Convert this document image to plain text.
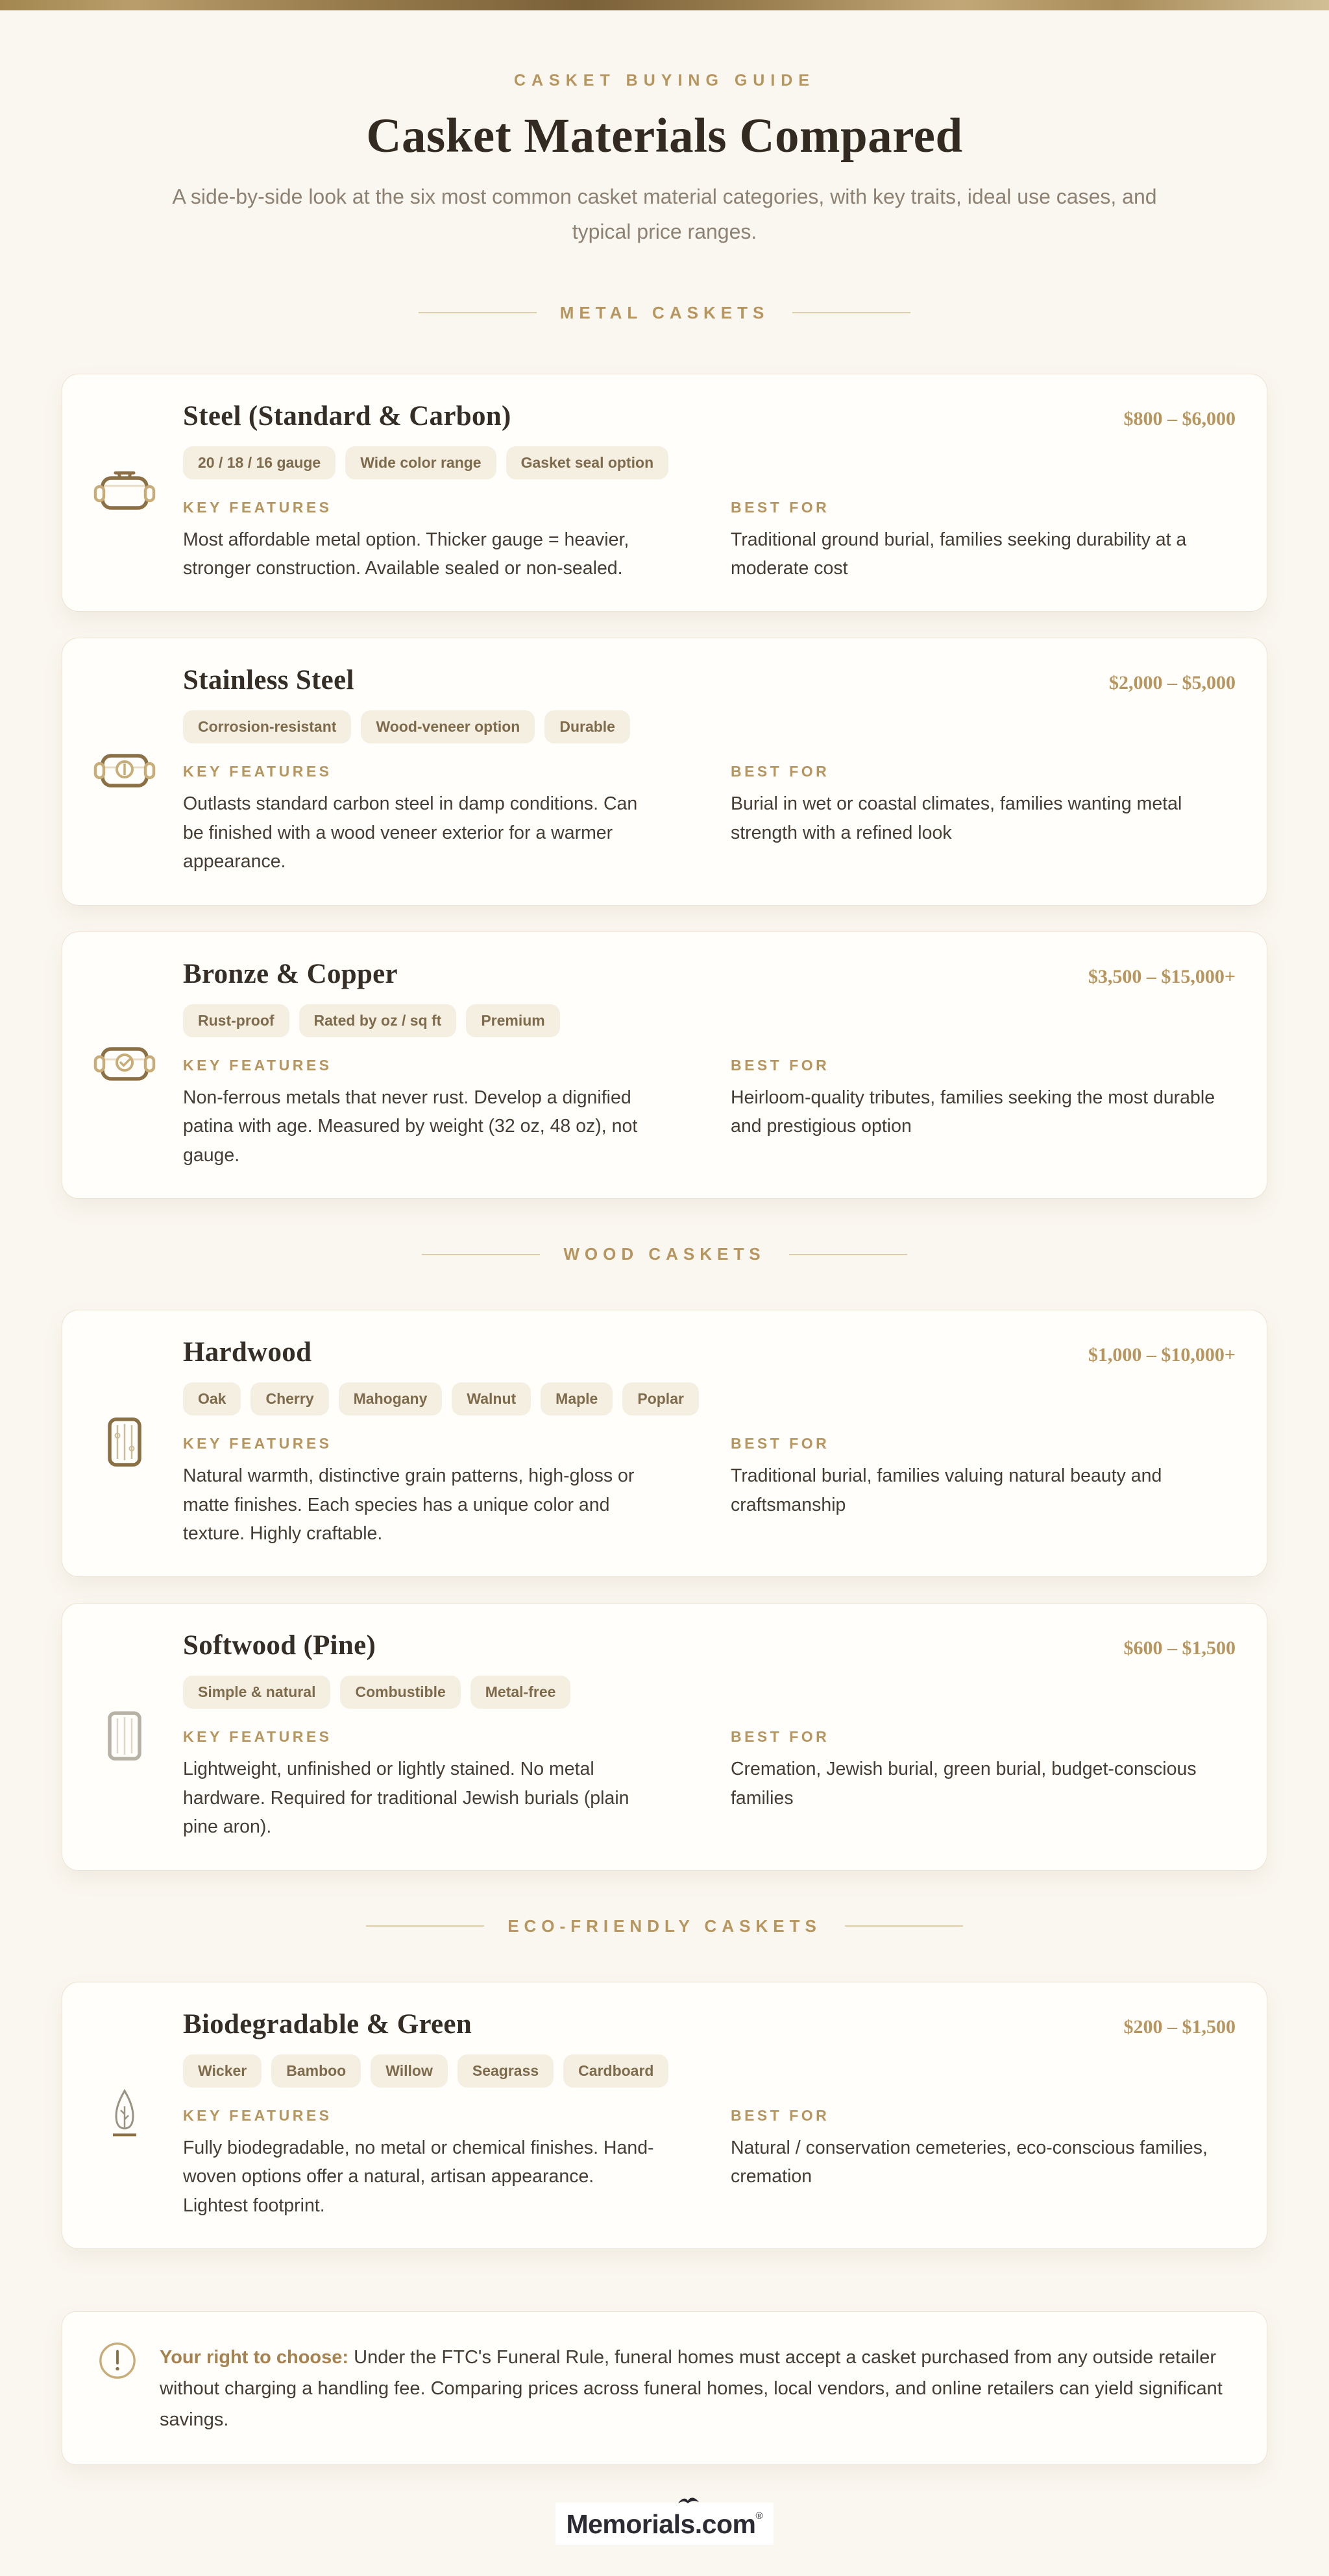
CASKET BUYING GUIDE
Casket Materials Compared

A side-by-side look at the six most common casket material categories, with key traits, ideal use cases, and typical price ranges.

METAL CASKETS
Steel (Standard & Carbon)	$800 – $6,000
20 / 18 / 16 gauge	Wide color range	Gasket seal option
KEY FEATURES

Most affordable metal option. Thicker gauge = heavier, stronger construction. Available sealed or non-sealed.

BEST FOR

Traditional ground burial, families seeking durability at a moderate cost

Stainless Steel	$2,000 – $5,000
Corrosion-resistant	Wood-veneer option	Durable
KEY FEATURES

Outlasts standard carbon steel in damp conditions. Can be finished with a wood veneer exterior for a warmer appearance.

BEST FOR

Burial in wet or coastal climates, families wanting metal strength with a refined look

Bronze & Copper	$3,500 – $15,000+
Rust-proof	Rated by oz / sq ft	Premium
KEY FEATURES

Non-ferrous metals that never rust. Develop a dignified patina with age. Measured by weight (32 oz, 48 oz), not gauge.

BEST FOR

Heirloom-quality tributes, families seeking the most durable and prestigious option

WOOD CASKETS
Hardwood	$1,000 – $10,000+
Oak	Cherry	Mahogany	Walnut	Maple	Poplar
KEY FEATURES

Natural warmth, distinctive grain patterns, high-gloss or matte finishes. Each species has a unique color and texture. Highly craftable.

BEST FOR

Traditional burial, families valuing natural beauty and craftsmanship

Softwood (Pine)	$600 – $1,500
Simple & natural	Combustible	Metal-free
KEY FEATURES

Lightweight, unfinished or lightly stained. No metal hardware. Required for traditional Jewish burials (plain pine aron).

BEST FOR

Cremation, Jewish burial, green burial, budget-conscious families

ECO-FRIENDLY CASKETS
Biodegradable & Green	$200 – $1,500
Wicker	Bamboo	Willow	Seagrass	Cardboard
KEY FEATURES

Fully biodegradable, no metal or chemical finishes. Hand-woven options offer a natural, artisan appearance. Lightest footprint.

BEST FOR

Natural / conservation cemeteries, eco-conscious families, cremation

Your right to choose: Under the FTC's Funeral Rule, funeral homes must accept a casket purchased from any outside retailer without charging a handling fee. Comparing prices across funeral homes, local vendors, and online retailers can yield significant savings.

Memorials.com®
